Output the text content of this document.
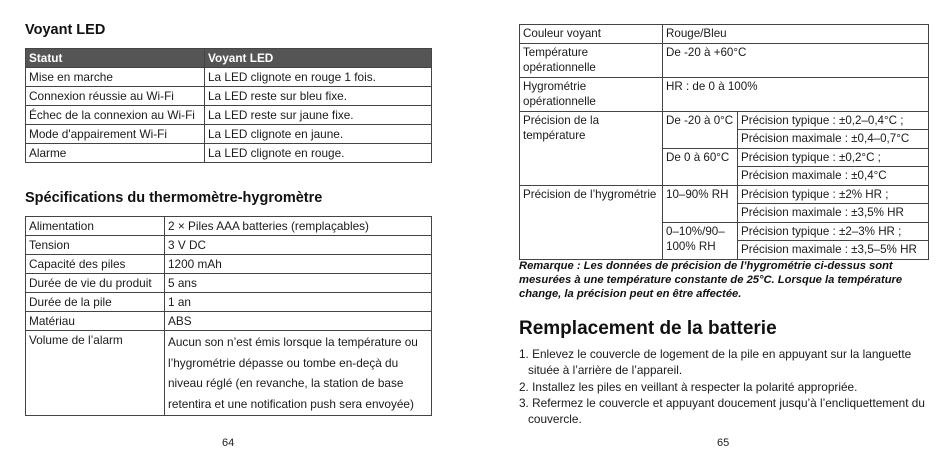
Voyant LED
Statut	Voyant LED
Mise en marche	La LED clignote en rouge 1 fois.
Connexion réussie au Wi-Fi	La LED reste sur bleu fixe.
Échec de la connexion au Wi-Fi	La LED reste sur jaune fixe.
Mode d'appairement Wi-Fi	La LED clignote en jaune.
Alarme	La LED clignote en rouge.
Spécifications du thermomètre-hygromètre
Alimentation	2 × Piles AAA batteries (remplaçables)
Tension	3 V DC
Capacité des piles	1200 mAh
Durée de vie du produit	5 ans
Durée de la pile	1 an
Matériau	ABS
Volume de l’alarm	Aucun son n’est émis lorsque la température ou l’hygrométrie dépasse ou tombe en-deçà du niveau réglé (en revanche, la station de base retentira et une notification push sera envoyée)
64
Couleur voyant	Rouge/Bleu	
Température opérationnelle	De -20 à +60°C	
Hygrométrie opérationnelle	HR : de 0 à 100%	
Précision de la température	De -20 à 0°C	Précision typique : ±0,2–0,4°C ;
		Précision maximale : ±0,4–0,7°C
	De 0 à 60°C	Précision typique : ±0,2°C ;
		Précision maximale : ±0,4°C
Précision de l’hygrométrie	10–90% RH	Précision typique : ±2% HR ;
		Précision maximale : ±3,5% HR
	0–10%/90–100% RH	Précision typique : ±2–3% HR ;
		Précision maximale : ±3,5–5% HR

Remarque : Les données de précision de l’hygrométrie ci-dessus sont mesurées à une température constante de 25°C. Lorsque la température change, la précision peut en être affectée.

Remplacement de la batterie
1. Enlevez le couvercle de logement de la pile en appuyant sur la languette située à l’arrière de l’appareil.
2. Installez les piles en veillant à respecter la polarité appropriée.
3. Refermez le couvercle et appuyant doucement jusqu’à l’encliquettement du couvercle.
65
